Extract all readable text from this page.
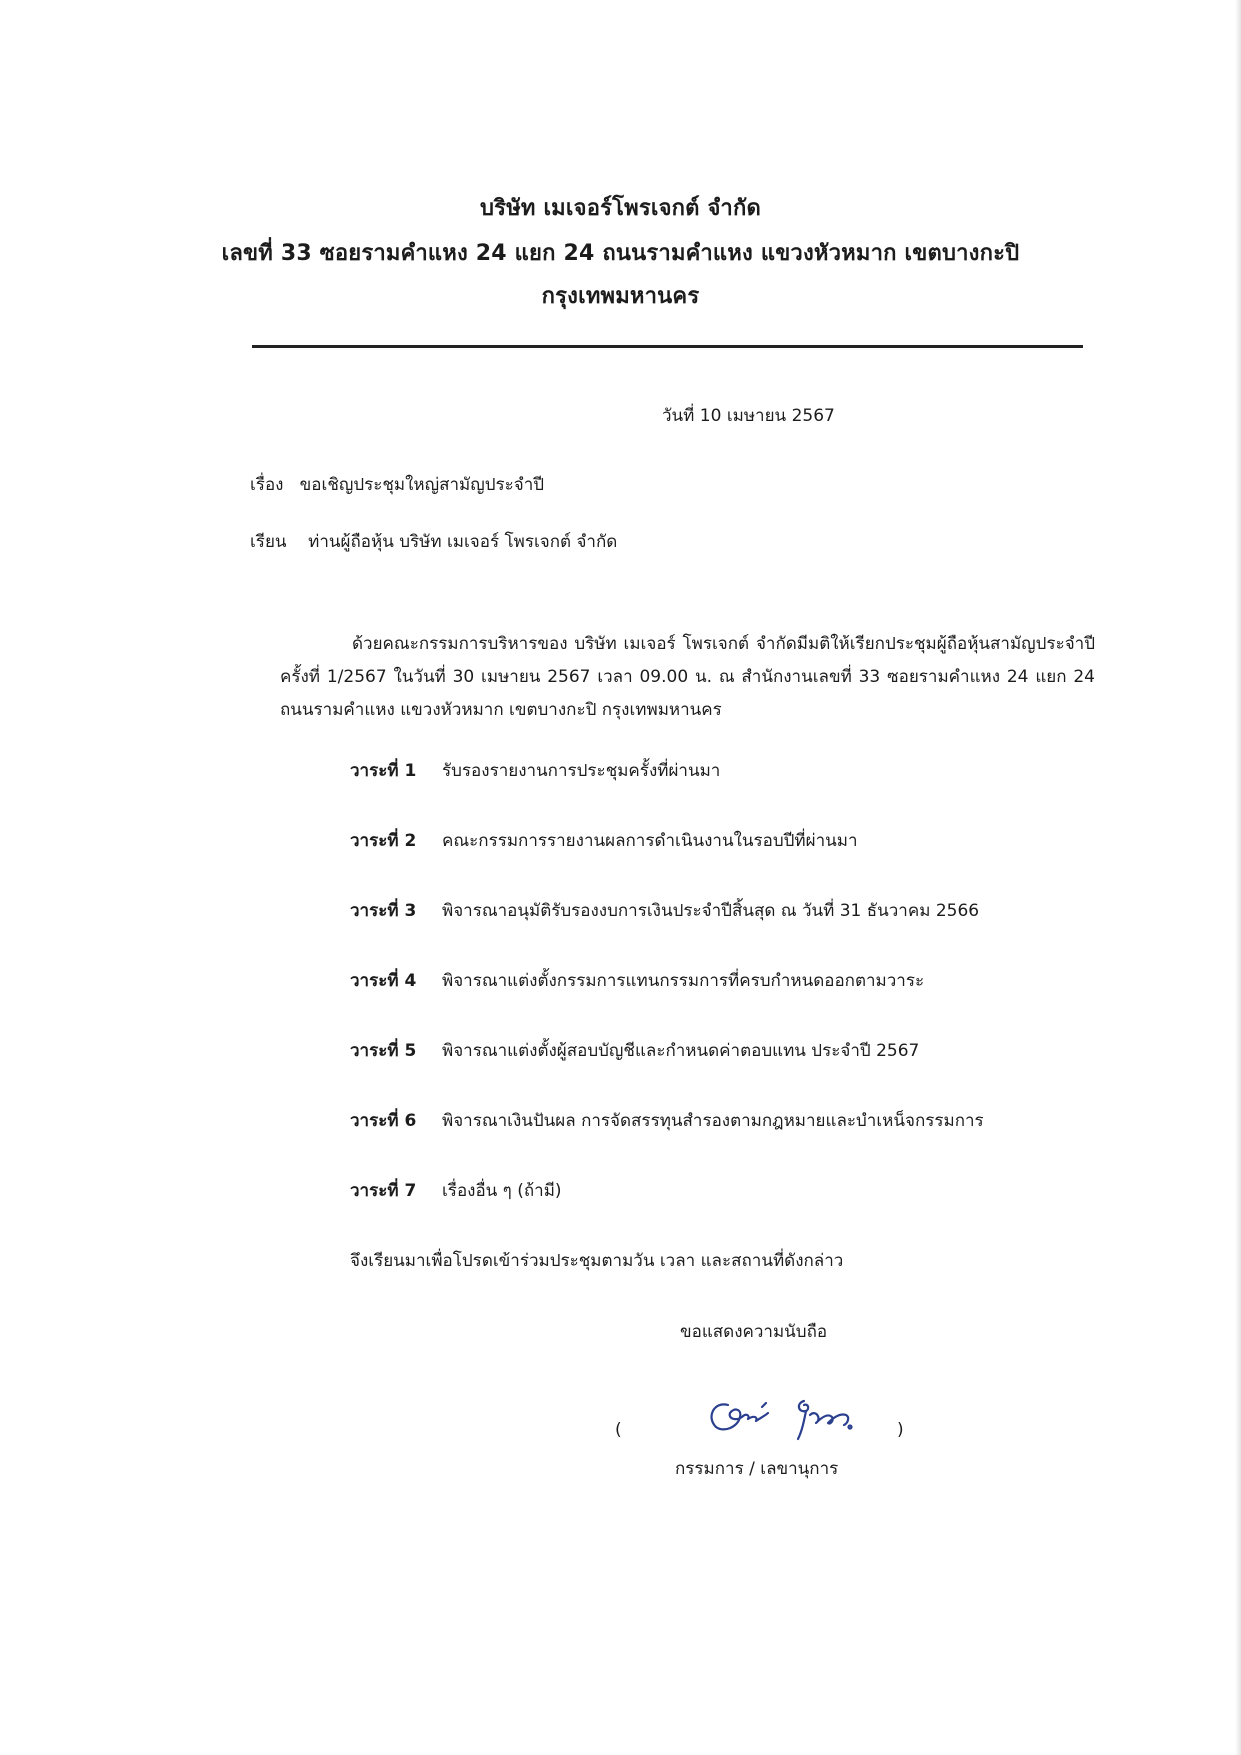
บริษัท เมเจอร์โพรเจกต์ จำกัด
เลขที่ 33 ซอยรามคำแหง 24 แยก 24 ถนนรามคำแหง แขวงหัวหมาก เขตบางกะปิ
กรุงเทพมหานคร
วันที่ 10 เมษายน 2567
เรื่อง ขอเชิญประชุมใหญ่สามัญประจำปี
เรียน ท่านผู้ถือหุ้น บริษัท เมเจอร์ โพรเจกต์ จำกัด
ด้วยคณะกรรมการบริหารของ บริษัท เมเจอร์ โพรเจกต์ จำกัดมีมติให้เรียกประชุมผู้ถือหุ้นสามัญประจำปี ครั้งที่ 1/2567 ในวันที่ 30 เมษายน 2567 เวลา 09.00 น. ณ สำนักงานเลขที่ 33 ซอยรามคำแหง 24 แยก 24 ถนนรามคำแหง แขวงหัวหมาก เขตบางกะปิ กรุงเทพมหานคร
วาระที่ 1 รับรองรายงานการประชุมครั้งที่ผ่านมา
วาระที่ 2 คณะกรรมการรายงานผลการดำเนินงานในรอบปีที่ผ่านมา
วาระที่ 3 พิจารณาอนุมัติรับรองงบการเงินประจำปีสิ้นสุด ณ วันที่ 31 ธันวาคม 2566
วาระที่ 4 พิจารณาแต่งตั้งกรรมการแทนกรรมการที่ครบกำหนดออกตามวาระ
วาระที่ 5 พิจารณาแต่งตั้งผู้สอบบัญชีและกำหนดค่าตอบแทน ประจำปี 2567
วาระที่ 6 พิจารณาเงินปันผล การจัดสรรทุนสำรองตามกฎหมายและบำเหน็จกรรมการ
วาระที่ 7 เรื่องอื่น ๆ (ถ้ามี)
จึงเรียนมาเพื่อโปรดเข้าร่วมประชุมตามวัน เวลา และสถานที่ดังกล่าว
ขอแสดงความนับถือ
(	)
กรรมการ / เลขานุการ
